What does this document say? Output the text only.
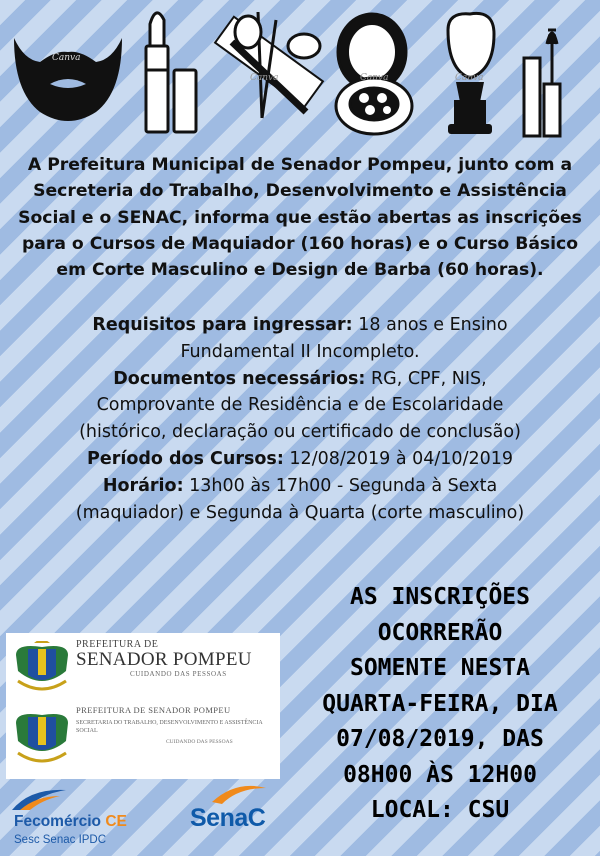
Canva
Canva	Canva	Canva
A Prefeitura Municipal de Senador Pompeu, junto com a
Secreteria do Trabalho, Desenvolvimento e Assistência
Social e o SENAC, informa que estão abertas as inscrições
para o Cursos de Maquiador (160 horas) e o Curso Básico
em Corte Masculino e Design de Barba (60 horas).
Requisitos para ingressar: 18 anos e Ensino
Fundamental II Incompleto.
Documentos necessários: RG, CPF, NIS,
Comprovante de Residência e de Escolaridade
(histórico, declaração ou certificado de conclusão)
Período dos Cursos: 12/08/2019 à 04/10/2019
Horário: 13h00 às 17h00 - Segunda à Sexta
(maquiador) e Segunda à Quarta (corte masculino)
AS INSCRIÇÕES
OCORRERÃO
SOMENTE NESTA
QUARTA-FEIRA, DIA
07/08/2019, DAS
08H00 ÀS 12H00
LOCAL: CSU
PREFEITURA DE
SENADOR POMPEU
CUIDANDO DAS PESSOAS
PREFEITURA DE SENADOR POMPEU
SECRETARIA DO TRABALHO, DESENVOLVIMENTO E ASSISTÊNCIA SOCIAL
CUIDANDO DAS PESSOAS
Fecomércio CE
Sesc Senac IPDC
SenaC
